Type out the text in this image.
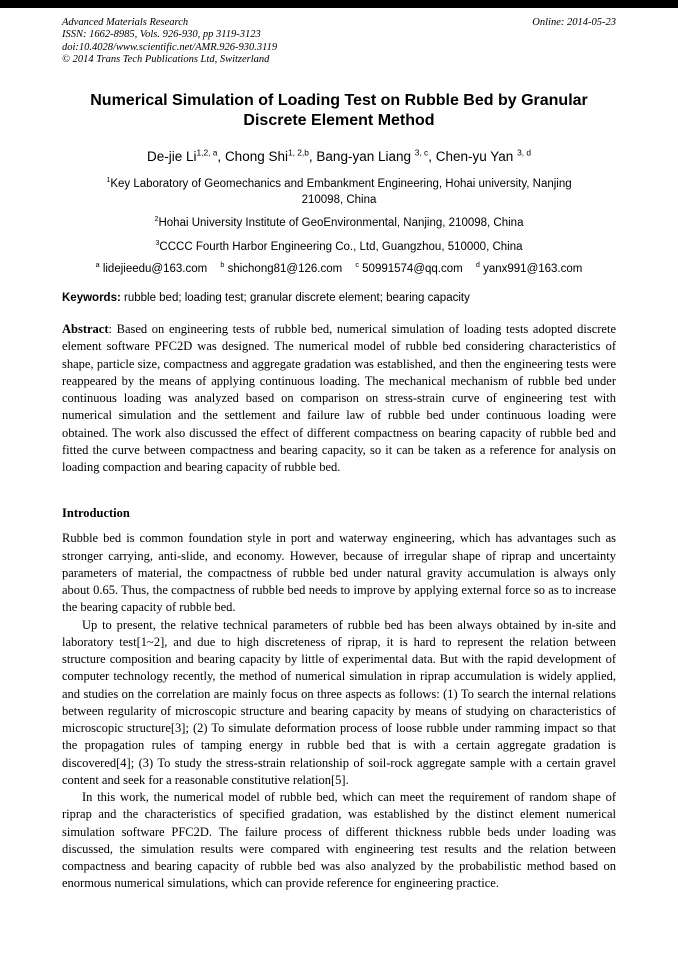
Advanced Materials Research	Online: 2014-05-23
ISSN: 1662-8985, Vols. 926-930, pp 3119-3123
doi:10.4028/www.scientific.net/AMR.926-930.3119
© 2014 Trans Tech Publications Ltd, Switzerland
Numerical Simulation of Loading Test on Rubble Bed by Granular Discrete Element Method
De-jie Li$^{1,2, a}$, Chong Shi$^{1, 2,b}$, Bang-yan Liang $^{3, c}$, Chen-yu Yan $^{3, d}$
$^1$Key Laboratory of Geomechanics and Embankment Engineering, Hohai university, Nanjing 210098, China
$^2$Hohai University Institute of GeoEnvironmental, Nanjing, 210098, China
$^3$CCCC Fourth Harbor Engineering Co., Ltd, Guangzhou, 510000, China
$^a$ lidejieedu@163.com $^b$ shichong81@126.com $^c$ 50991574@qq.com $^d$ yanx991@163.com
Keywords: rubble bed; loading test; granular discrete element; bearing capacity

Abstract: Based on engineering tests of rubble bed, numerical simulation of loading tests adopted discrete element software PFC2D was designed. The numerical model of rubble bed considering characteristics of shape, particle size, compactness and aggregate gradation was established, and then the engineering tests were reappeared by the means of applying continuous loading. The mechanical mechanism of rubble bed under continuous loading was analyzed based on comparison on stress-strain curve of engineering test with numerical simulation and the settlement and failure law of rubble bed under continuous loading were obtained. The work also discussed the effect of different compactness on bearing capacity of rubble bed and fitted the curve between compactness and bearing capacity, so it can be taken as a reference for analysis on loading compaction and bearing capacity of rubble bed.

Introduction

Rubble bed is common foundation style in port and waterway engineering, which has advantages such as stronger carrying, anti-slide, and economy. However, because of irregular shape of riprap and uncertainty parameters of material, the compactness of rubble bed under natural gravity accumulation is always only about 0.65. Thus, the compactness of rubble bed needs to improve by applying external force so as to increase the bearing capacity of rubble bed.

Up to present, the relative technical parameters of rubble bed has been always obtained by in-site and laboratory test[1~2], and due to high discreteness of riprap, it is hard to represent the relation between structure composition and bearing capacity by little of experimental data. But with the rapid development of computer technology recently, the method of numerical simulation in riprap accumulation is widely applied, and studies on the correlation are mainly focus on three aspects as follows: (1) To search the internal relations between regularity of microscopic structure and bearing capacity by means of studying on characteristics of microscopic structure[3]; (2) To simulate deformation process of loose rubble under ramming impact so that the propagation rules of tamping energy in rubble bed that is with a certain aggregate gradation is discovered[4]; (3) To study the stress-strain relationship of soil-rock aggregate sample with a certain gravel content and seek for a reasonable constitutive relation[5].

In this work, the numerical model of rubble bed, which can meet the requirement of random shape of riprap and the characteristics of specified gradation, was established by the distinct element numerical simulation software PFC2D. The failure process of different thickness rubble beds under loading was discussed, the simulation results were compared with engineering test results and the relation between compactness and bearing capacity of rubble bed was also analyzed by the probabilistic method based on enormous numerical simulations, which can provide reference for engineering practice.
